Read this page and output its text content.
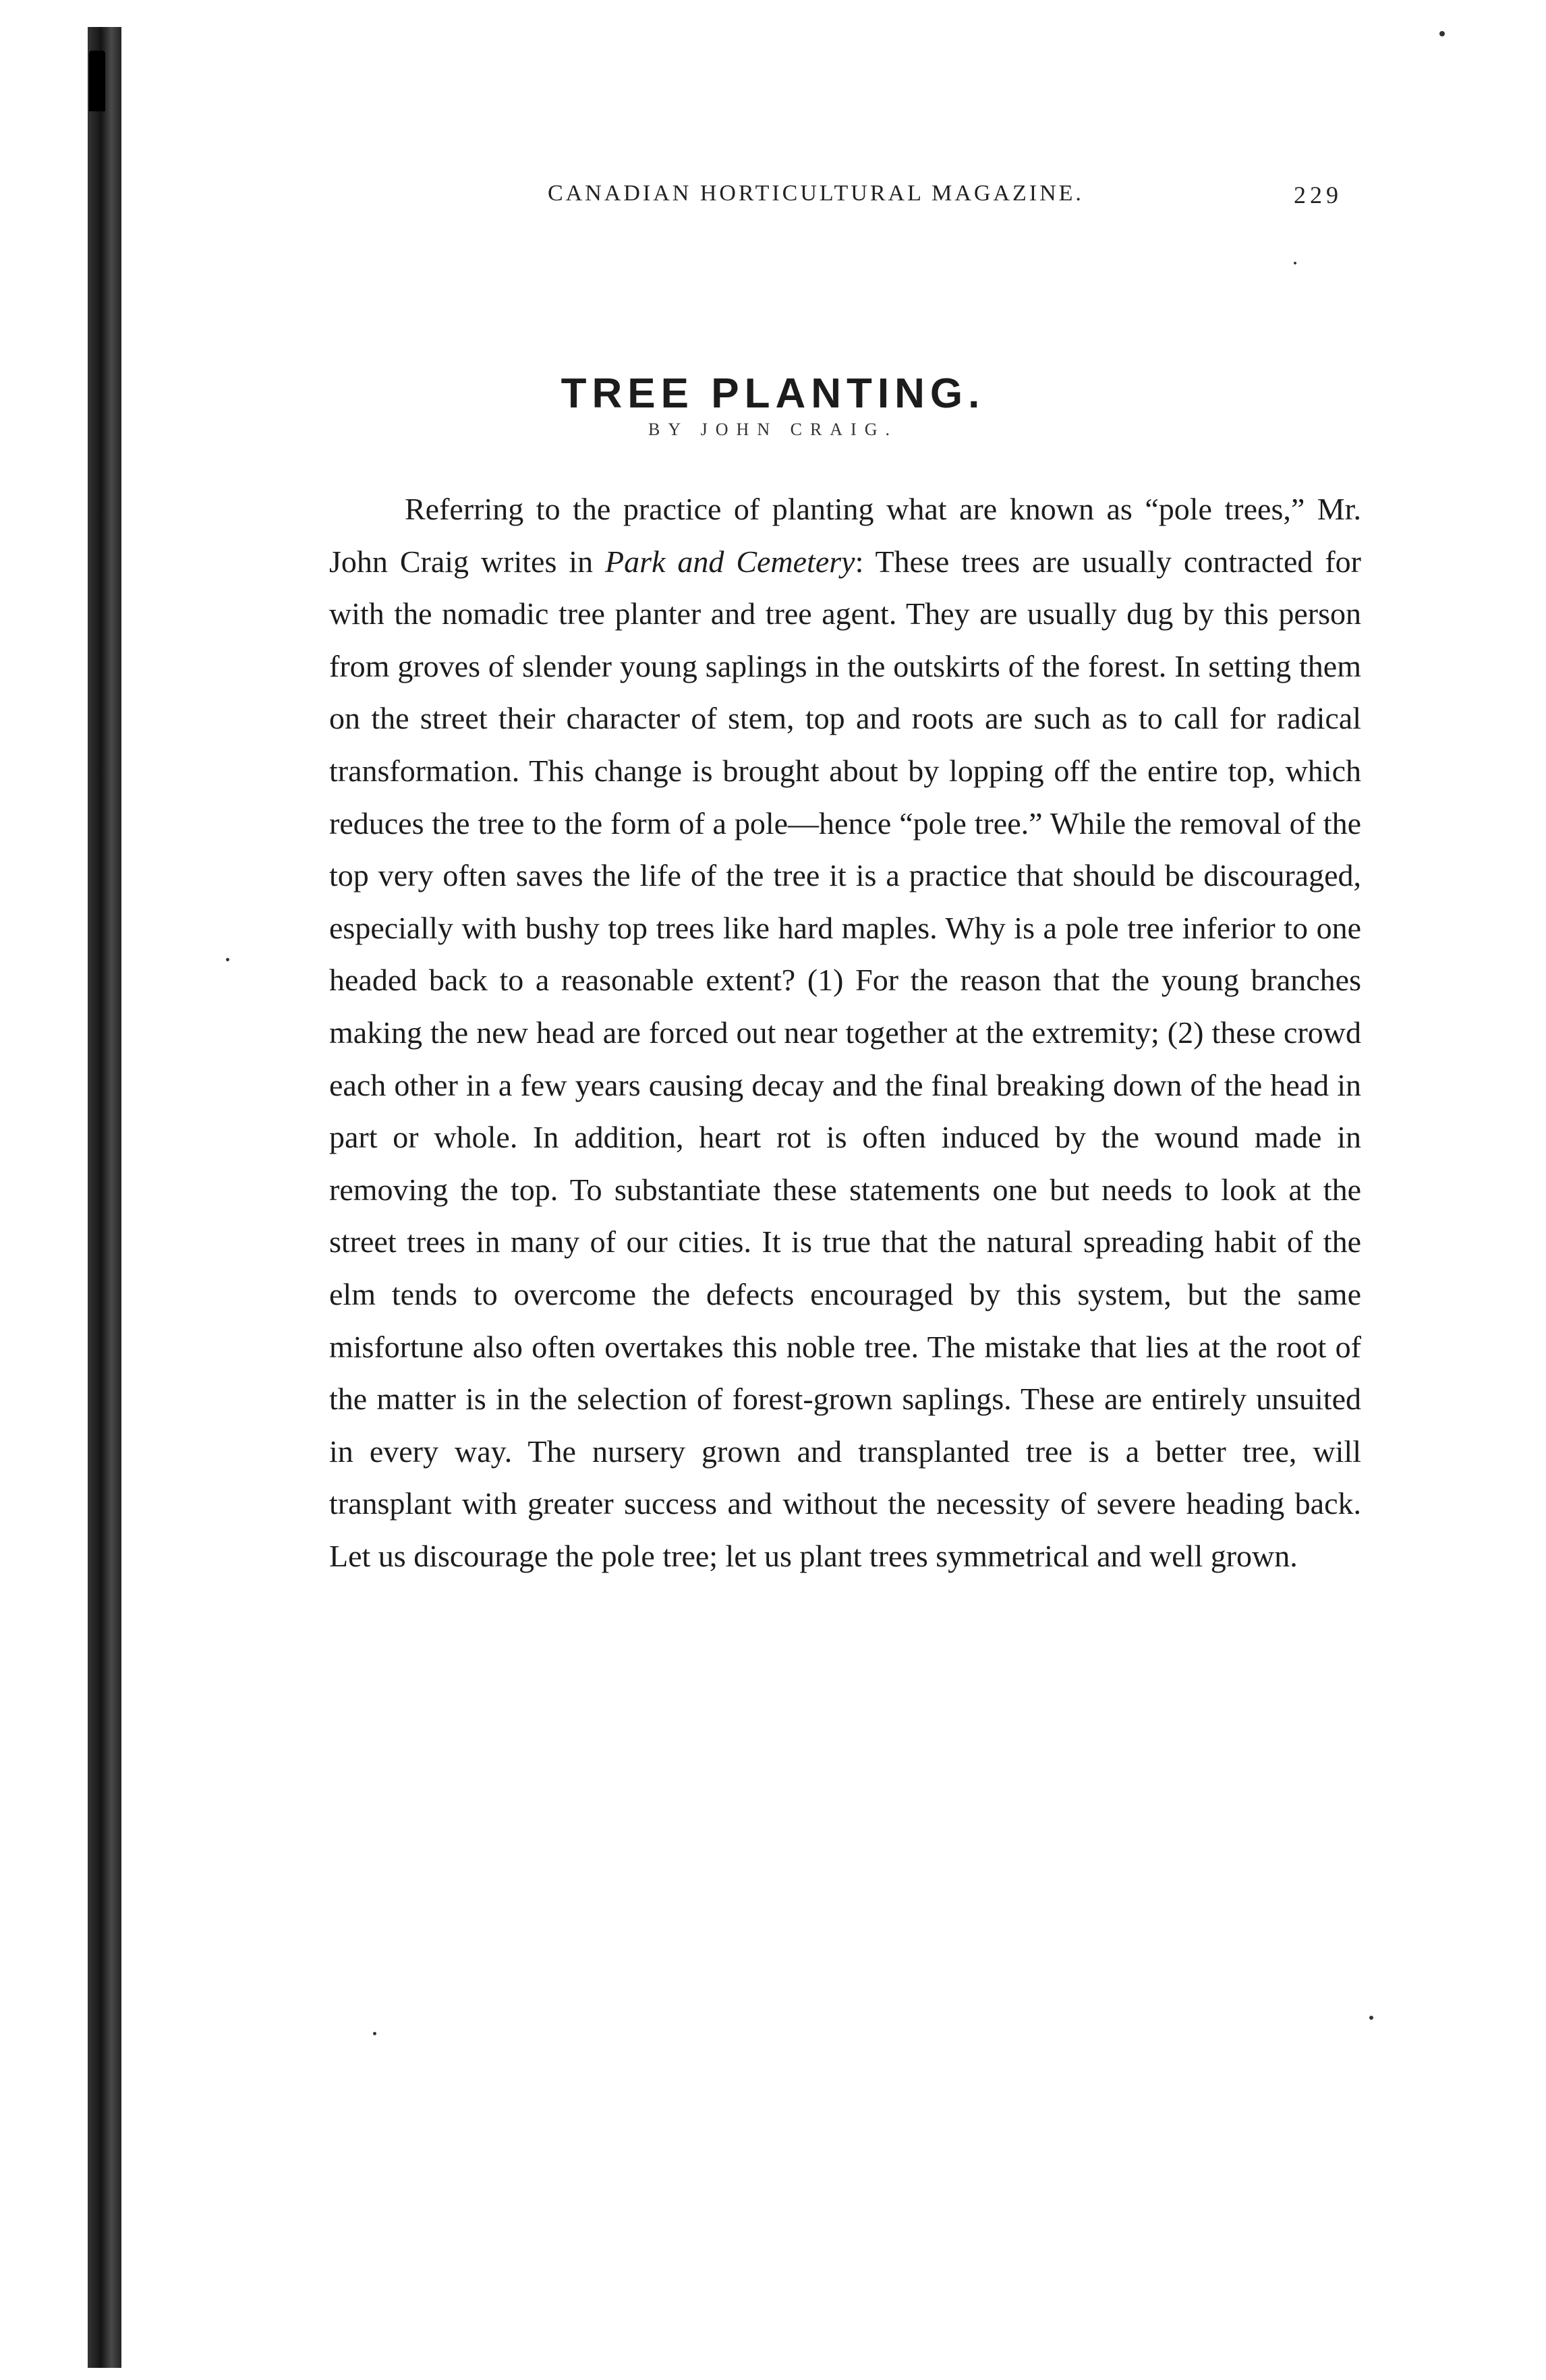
CANADIAN HORTICULTURAL MAGAZINE.	229
TREE PLANTING.
BY JOHN CRAIG.

Referring to the practice of planting what are known as “pole trees,” Mr. John Craig writes in Park and Cemetery: These trees are usually contracted for with the nomadic tree planter and tree agent. They are usually dug by this person from groves of slender young saplings in the outskirts of the forest. In setting them on the street their character of stem, top and roots are such as to call for radical transformation. This change is brought about by lopping off the entire top, which reduces the tree to the form of a pole—hence “pole tree.” While the removal of the top very often saves the life of the tree it is a practice that should be discouraged, especially with bushy top trees like hard maples. Why is a pole tree inferior to one headed back to a reasonable extent? (1) For the reason that the young branches making the new head are forced out near together at the extremity; (2) these crowd each other in a few years causing decay and the final breaking down of the head in part or whole. In addition, heart rot is often induced by the wound made in removing the top. To substantiate these statements one but needs to look at the street trees in many of our cities. It is true that the natural spreading habit of the elm tends to overcome the defects encouraged by this system, but the same misfortune also often overtakes this noble tree. The mistake that lies at the root of the matter is in the selection of forest-grown saplings. These are entirely unsuited in every way. The nursery grown and transplanted tree is a better tree, will transplant with greater success and without the necessity of severe heading back. Let us discourage the pole tree; let us plant trees symmetrical and well grown.
